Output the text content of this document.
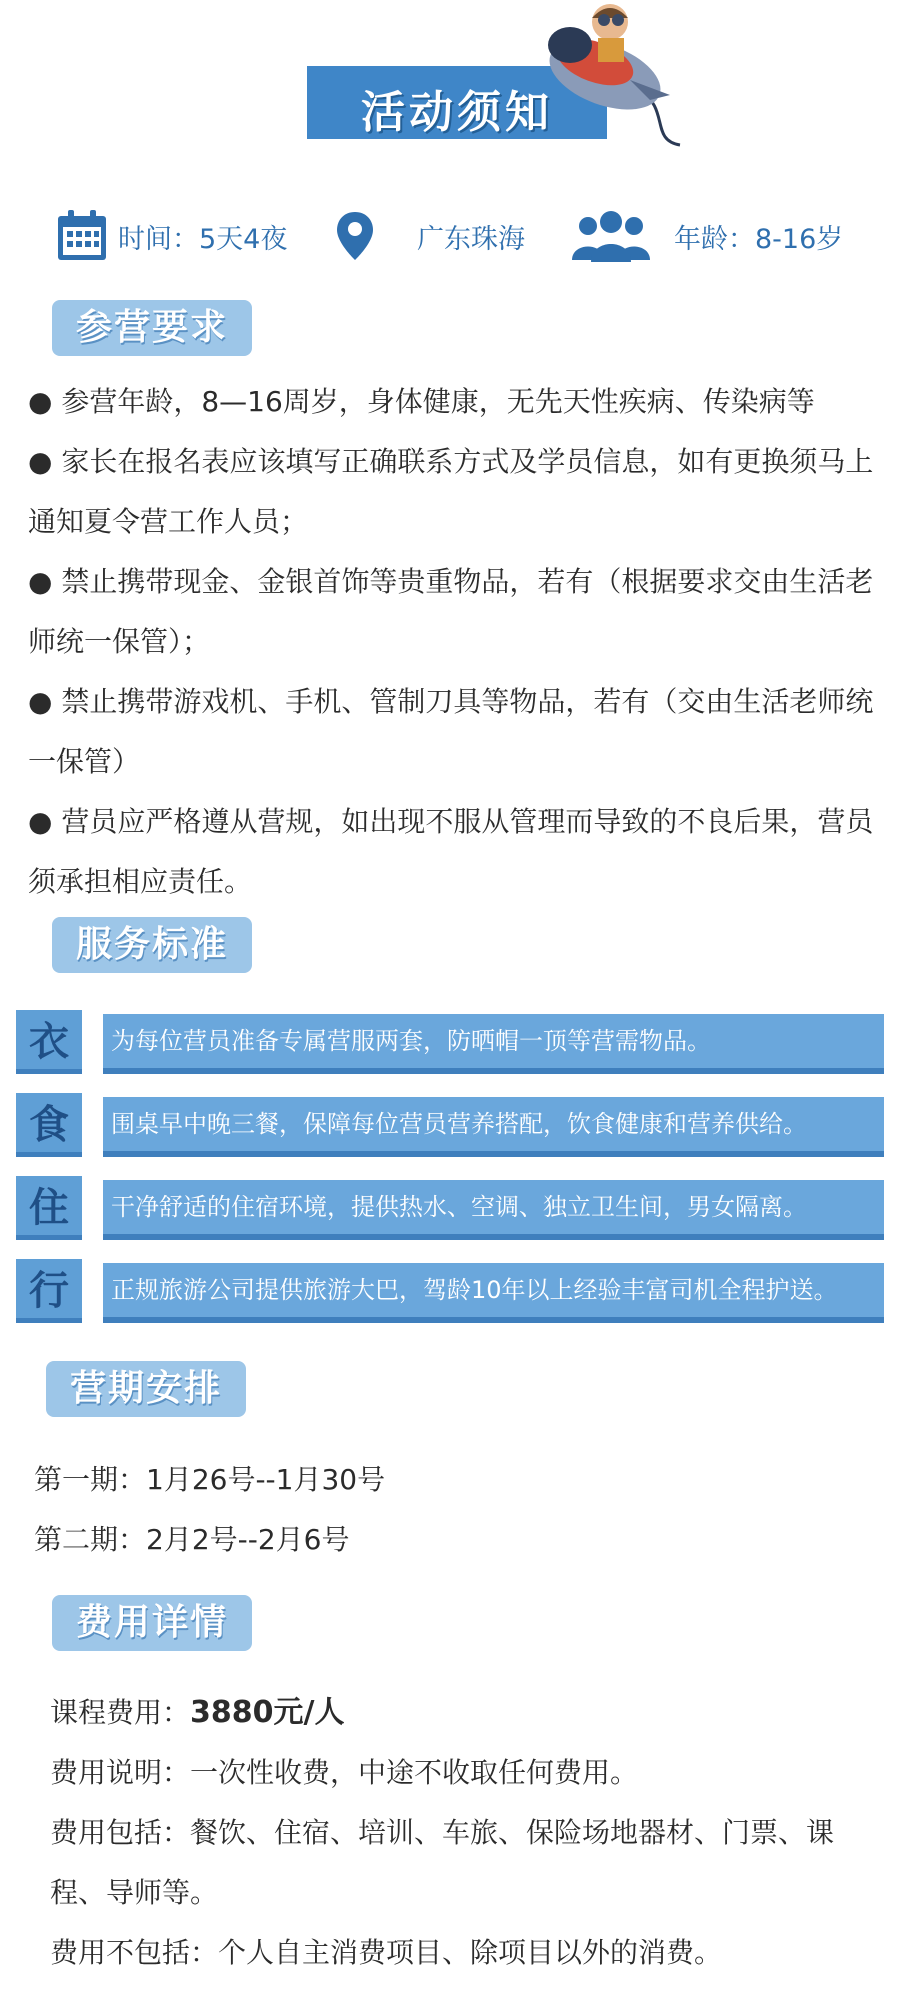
活动须知
时间：5天4夜	广东珠海	年龄：8-16岁
参营要求

● 参营年龄，8—16周岁，身体健康，无先天性疾病、传染病等

● 家长在报名表应该填写正确联系方式及学员信息，如有更换须马上通知夏令营工作人员；

● 禁止携带现金、金银首饰等贵重物品，若有（根据要求交由生活老师统一保管）；

● 禁止携带游戏机、手机、管制刀具等物品，若有（交由生活老师统一保管）

● 营员应严格遵从营规，如出现不服从管理而导致的不良后果，营员须承担相应责任。

服务标准
衣	为每位营员准备专属营服两套，防晒帽一顶等营需物品。
食	围桌早中晚三餐，保障每位营员营养搭配，饮食健康和营养供给。
住	干净舒适的住宿环境，提供热水、空调、独立卫生间，男女隔离。
行	正规旅游公司提供旅游大巴，驾龄10年以上经验丰富司机全程护送。
营期安排

第一期：1月26号--1月30号

第二期：2月2号--2月6号

费用详情

课程费用：3880元/人

费用说明：一次性收费，中途不收取任何费用。

费用包括：餐饮、住宿、培训、车旅、保险场地器材、门票、课程、导师等。

费用不包括：个人自主消费项目、除项目以外的消费。
